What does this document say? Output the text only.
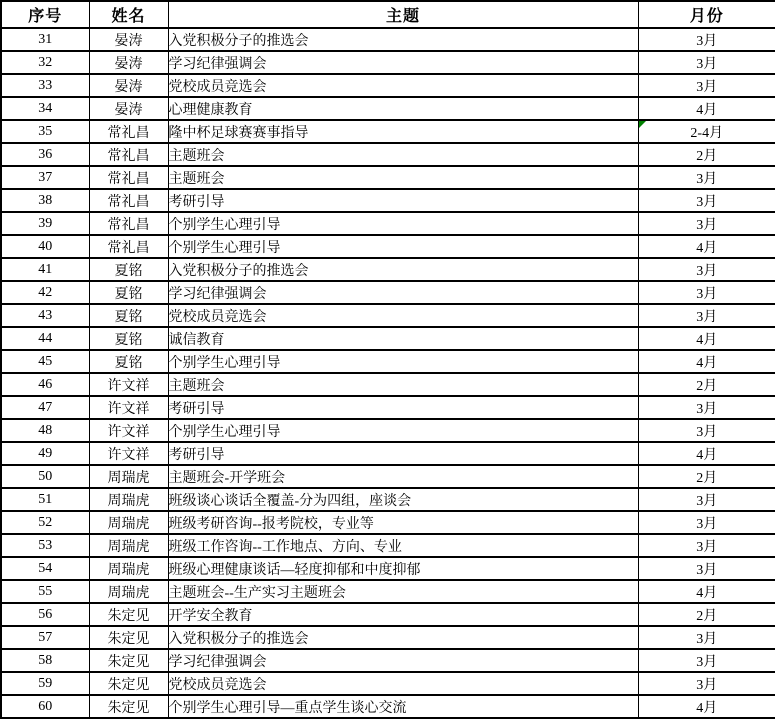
序号	姓名	主题	月份
31	晏涛	入党积极分子的推选会	3月
32	晏涛	学习纪律强调会	3月
33	晏涛	党校成员竞选会	3月
34	晏涛	心理健康教育	4月
35	常礼昌	隆中杯足球赛赛事指导	2-4月

36	常礼昌	主题班会	2月
37	常礼昌	主题班会	3月
38	常礼昌	考研引导	3月
39	常礼昌	个别学生心理引导	3月
40	常礼昌	个别学生心理引导	4月
41	夏铭	入党积极分子的推选会	3月
42	夏铭	学习纪律强调会	3月
43	夏铭	党校成员竞选会	3月
44	夏铭	诚信教育	4月
45	夏铭	个别学生心理引导	4月
46	许文祥	主题班会	2月
47	许文祥	考研引导	3月
48	许文祥	个别学生心理引导	3月
49	许文祥	考研引导	4月
50	周瑞虎	主题班会-开学班会	2月
51	周瑞虎	班级谈心谈话全覆盖-分为四组，座谈会	3月
52	周瑞虎	班级考研咨询--报考院校，专业等	3月
53	周瑞虎	班级工作咨询--工作地点、方向、专业	3月
54	周瑞虎	班级心理健康谈话—轻度抑郁和中度抑郁	3月
55	周瑞虎	主题班会--生产实习主题班会	4月
56	朱定见	开学安全教育	2月
57	朱定见	入党积极分子的推选会	3月
58	朱定见	学习纪律强调会	3月
59	朱定见	党校成员竞选会	3月
60	朱定见	个别学生心理引导—重点学生谈心交流	4月
